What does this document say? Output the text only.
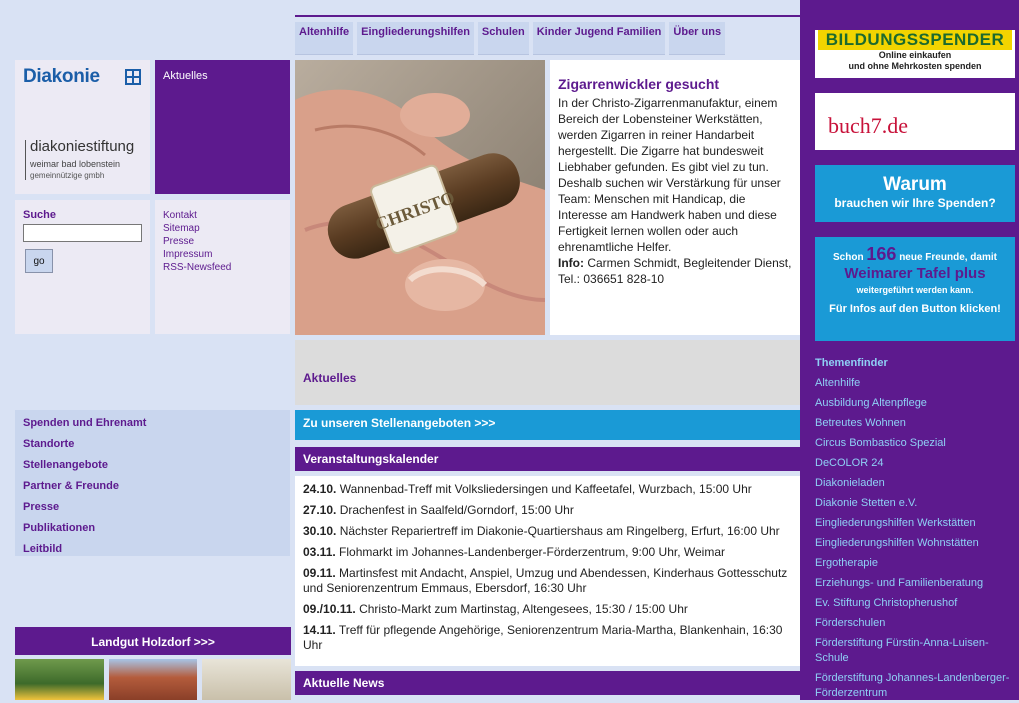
Altenhilfe	Eingliederungshilfen	Schulen	Kinder Jugend Familien	Über uns
Diakonie
diakoniestiftung
weimar bad lobenstein
gemeinnützige gmbh
Aktuelles
Suche
go
Kontakt
Sitemap
Presse
Impressum
RSS-Newsfeed
CHRISTO
Zigarrenwickler gesucht
In der Christo-Zigarrenmanufaktur, einem Bereich der Lobensteiner Werkstätten, werden Zigarren in reiner Handarbeit hergestellt. Die Zigarre hat bundesweit Liebhaber gefunden. Es gibt viel zu tun. Deshalb suchen wir Verstärkung für unser Team: Menschen mit Handicap, die Interesse am Handwerk haben und diese Fertigkeit lernen wollen oder auch ehrenamtliche Helfer.
Info: Carmen Schmidt, Begleitender Dienst, Tel.: 036651 828-10
Aktuelles
Spenden und Ehrenamt
Standorte
Stellenangebote
Partner & Freunde
Presse
Publikationen
Leitbild
Zu unseren Stellenangeboten >>>
Veranstaltungskalender
24.10. Wannenbad-Treff mit Volksliedersingen und Kaffeetafel, Wurzbach, 15:00 Uhr
27.10. Drachenfest in Saalfeld/Gorndorf, 15:00 Uhr
30.10. Nächster Repariertreff im Diakonie-Quartiershaus am Ringelberg, Erfurt, 16:00 Uhr
03.11. Flohmarkt im Johannes-Landenberger-Förderzentrum, 9:00 Uhr, Weimar
09.11. Martinsfest mit Andacht, Anspiel, Umzug und Abendessen, Kinderhaus Gottesschutz und Seniorenzentrum Emmaus, Ebersdorf, 16:30 Uhr
09./10.11. Christo-Markt zum Martinstag, Altengesees, 15:30 / 15:00 Uhr
14.11. Treff für pflegende Angehörige, Seniorenzentrum Maria-Martha, Blankenhain, 16:30 Uhr
Aktuelle News
Landgut Holzdorf >>>
BILDUNGSSPENDER
Online einkaufen
und ohne Mehrkosten spenden
buch7.de
Warum
brauchen wir Ihre Spenden?
Schon 166 neue Freunde, damit
Weimarer Tafel plus
weitergeführt werden kann.
Für Infos auf den Button klicken!
Themenfinder
Altenhilfe
Ausbildung Altenpflege
Betreutes Wohnen
Circus Bombastico Spezial
DeCOLOR 24
Diakonieladen
Diakonie Stetten e.V.
Eingliederungshilfen Werkstätten
Eingliederungshilfen Wohnstätten
Ergotherapie
Erziehungs- und Familienberatung
Ev. Stiftung Christopherushof
Förderschulen
Förderstiftung Fürstin-Anna-Luisen-Schule
Förderstiftung Johannes-Landenberger-Förderzentrum
